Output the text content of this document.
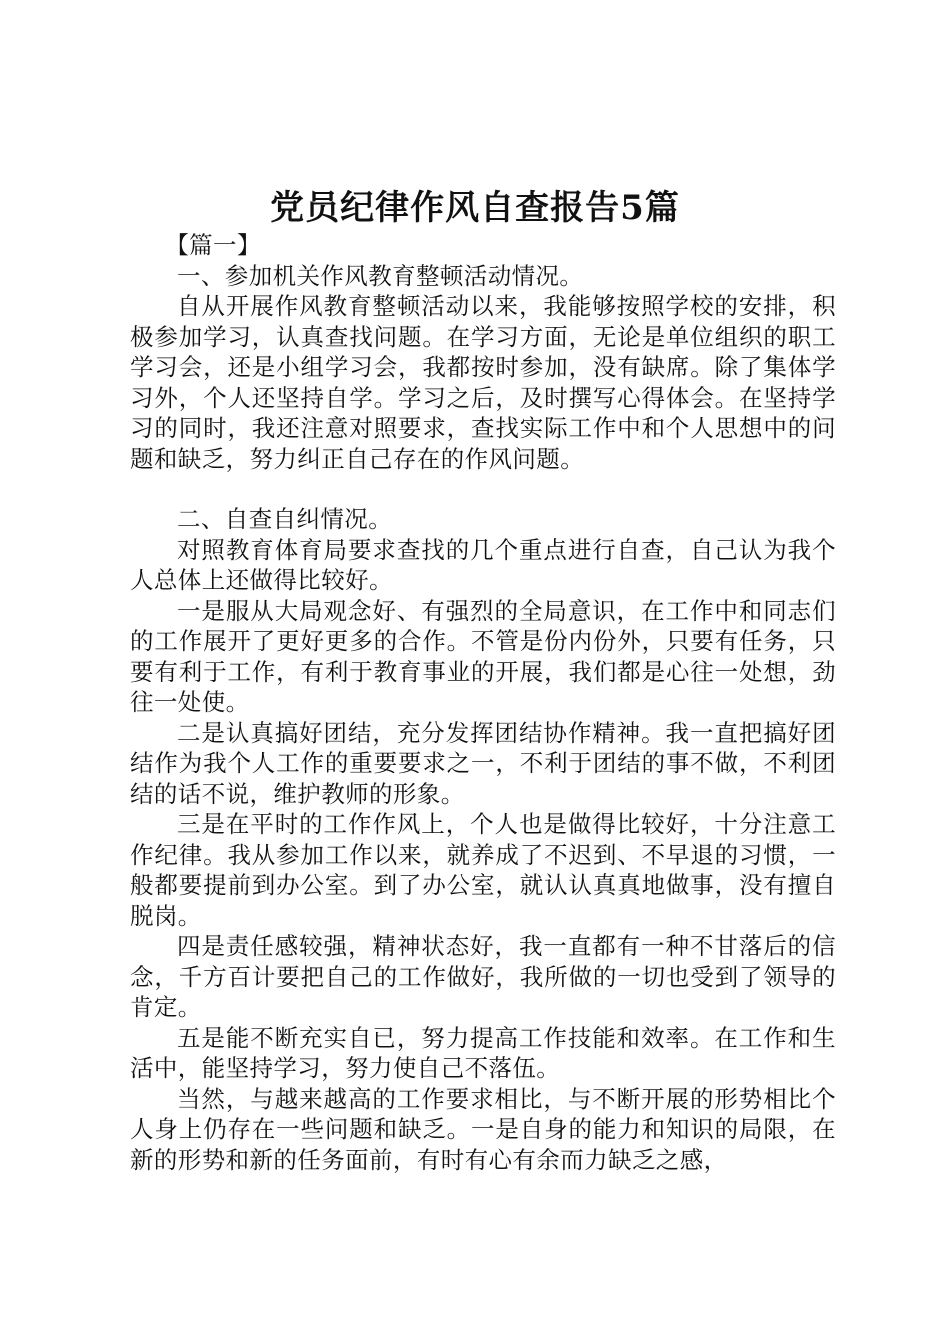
党员纪律作风自查报告5篇

【篇一】

一、参加机关作风教育整顿活动情况。

自从开展作风教育整顿活动以来，我能够按照学校的安排，积极参加学习，认真查找问题。在学习方面，无论是单位组织的职工学习会，还是小组学习会，我都按时参加，没有缺席。除了集体学习外，个人还坚持自学。学习之后，及时撰写心得体会。在坚持学习的同时，我还注意对照要求，查找实际工作中和个人思想中的问题和缺乏，努力纠正自己存在的作风问题。

二、自查自纠情况。

对照教育体育局要求查找的几个重点进行自查，自己认为我个人总体上还做得比较好。

一是服从大局观念好、有强烈的全局意识，在工作中和同志们的工作展开了更好更多的合作。不管是份内份外，只要有任务，只要有利于工作，有利于教育事业的开展，我们都是心往一处想，劲往一处使。

二是认真搞好团结，充分发挥团结协作精神。我一直把搞好团结作为我个人工作的重要要求之一，不利于团结的事不做，不利团结的话不说，维护教师的形象。

三是在平时的工作作风上，个人也是做得比较好，十分注意工作纪律。我从参加工作以来，就养成了不迟到、不早退的习惯，一般都要提前到办公室。到了办公室，就认认真真地做事，没有擅自脱岗。

四是责任感较强，精神状态好，我一直都有一种不甘落后的信念，千方百计要把自己的工作做好，我所做的一切也受到了领导的肯定。

五是能不断充实自已，努力提高工作技能和效率。在工作和生活中，能坚持学习，努力使自己不落伍。

当然，与越来越高的工作要求相比，与不断开展的形势相比个人身上仍存在一些问题和缺乏。一是自身的能力和知识的局限，在新的形势和新的任务面前，有时有心有余而力缺乏之感，
